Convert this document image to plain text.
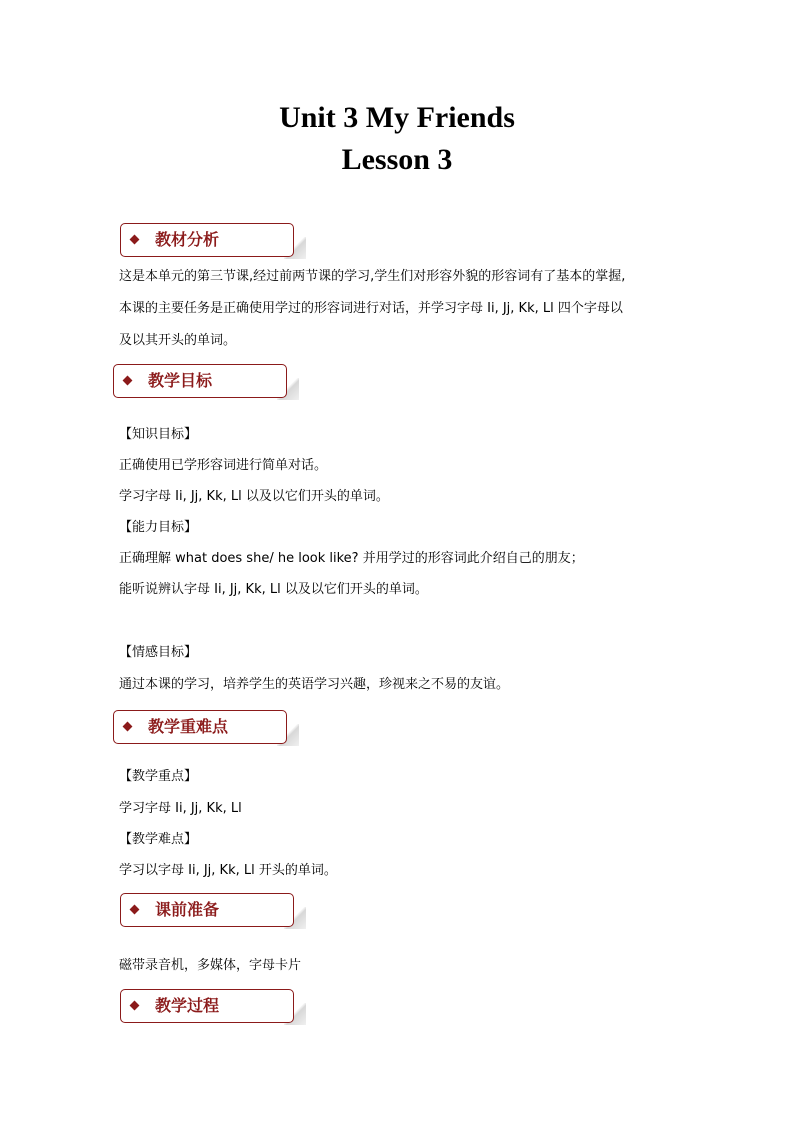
Unit 3 My Friends
Lesson 3
教材分析
这是本单元的第三节课,经过前两节课的学习,学生们对形容外貌的形容词有了基本的掌握,
本课的主要任务是正确使用学过的形容词进行对话，并学习字母 Ii, Jj, Kk, Ll 四个字母以
及以其开头的单词。
教学目标
【知识目标】
正确使用已学形容词进行简单对话。
学习字母 Ii, Jj, Kk, Ll 以及以它们开头的单词。
【能力目标】
正确理解 what does she/ he look like? 并用学过的形容词此介绍自己的朋友；
能听说辨认字母 Ii, Jj, Kk, Ll 以及以它们开头的单词。
【情感目标】
通过本课的学习，培养学生的英语学习兴趣，珍视来之不易的友谊。
教学重难点
【教学重点】
学习字母 Ii, Jj, Kk, Ll
【教学难点】
学习以字母 Ii, Jj, Kk, Ll 开头的单词。
课前准备
磁带录音机，多媒体，字母卡片
教学过程
